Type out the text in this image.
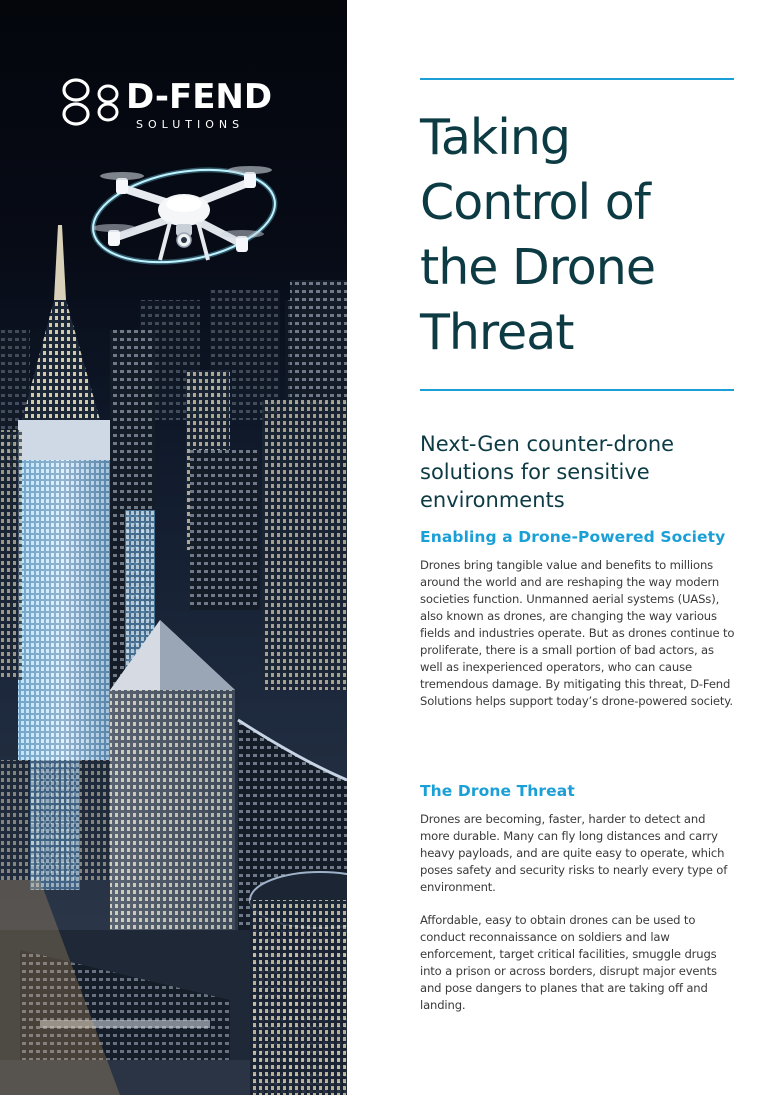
D-FEND
SOLUTIONS	Taking
Control of
the Drone
Threat
Next-Gen counter-drone solutions for sensitive environments
Enabling a Drone-Powered Society

Drones bring tangible value and benefits to millions around the world and are reshaping the way modern societies function. Unmanned aerial systems (UASs), also known as drones, are changing the way various fields and industries operate. But as drones continue to proliferate, there is a small portion of bad actors, as well as inexperienced operators, who can cause tremendous damage. By mitigating this threat, D-Fend Solutions helps support today’s drone-powered society.

The Drone Threat

Drones are becoming, faster, harder to detect and more durable. Many can fly long distances and carry heavy payloads, and are quite easy to operate, which poses safety and security risks to nearly every type of environment.

Affordable, easy to obtain drones can be used to conduct reconnaissance on soldiers and law enforcement, target critical facilities, smuggle drugs into a prison or across borders, disrupt major events and pose dangers to planes that are taking off and landing.
